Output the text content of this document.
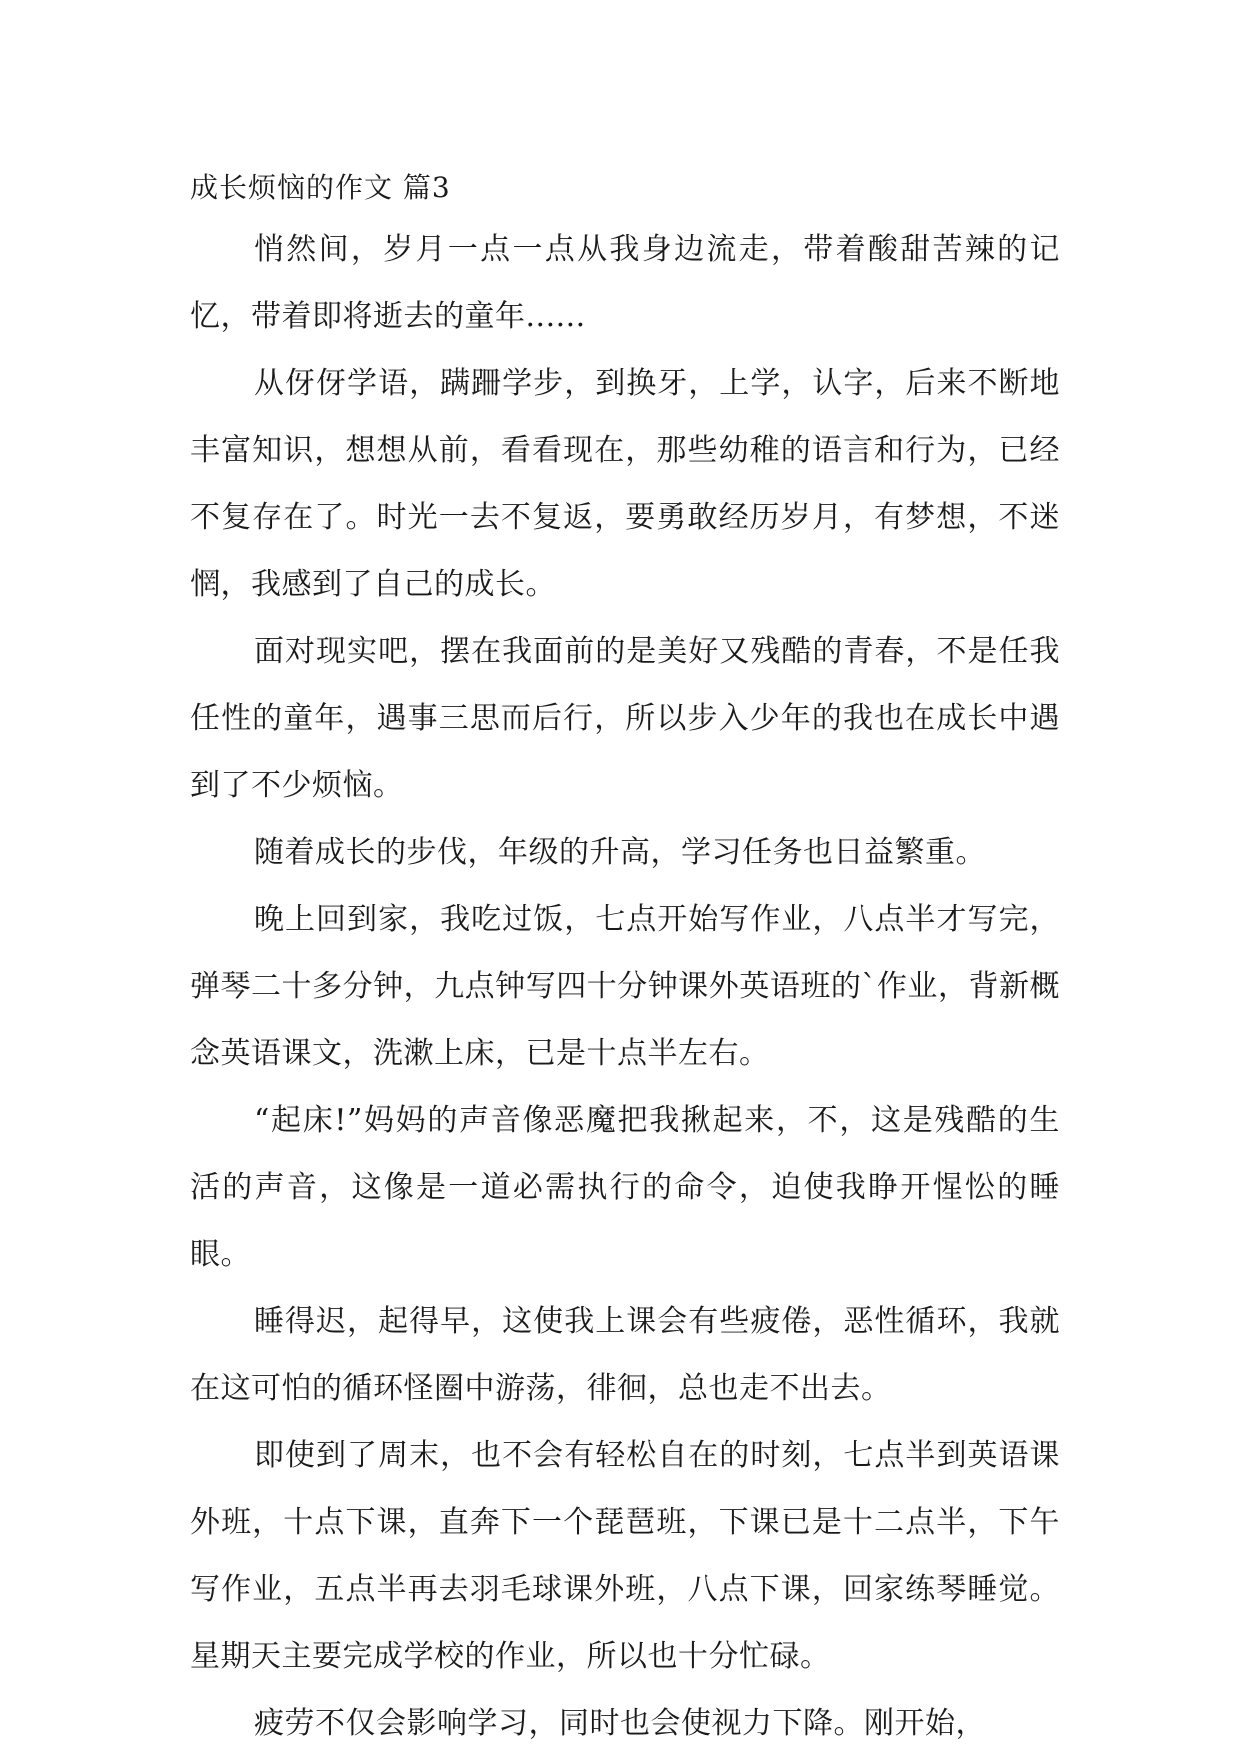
成长烦恼的作文 篇3

悄然间，岁月一点一点从我身边流走，带着酸甜苦辣的记忆，带着即将逝去的童年......

从伢伢学语，蹒跚学步，到换牙，上学，认字，后来不断地丰富知识，想想从前，看看现在，那些幼稚的语言和行为，已经不复存在了。时光一去不复返，要勇敢经历岁月，有梦想，不迷惘，我感到了自己的成长。

面对现实吧，摆在我面前的是美好又残酷的青春，不是任我任性的童年，遇事三思而后行，所以步入少年的我也在成长中遇到了不少烦恼。

随着成长的步伐，年级的升高，学习任务也日益繁重。

晚上回到家，我吃过饭，七点开始写作业，八点半才写完，弹琴二十多分钟，九点钟写四十分钟课外英语班的`作业，背新概念英语课文，洗漱上床，已是十点半左右。

“起床!”妈妈的声音像恶魔把我揪起来，不，这是残酷的生活的声音，这像是一道必需执行的命令，迫使我睁开惺忪的睡眼。

睡得迟，起得早，这使我上课会有些疲倦，恶性循环，我就在这可怕的循环怪圈中游荡，徘徊，总也走不出去。

即使到了周末，也不会有轻松自在的时刻，七点半到英语课外班，十点下课，直奔下一个琵琶班，下课已是十二点半，下午写作业，五点半再去羽毛球课外班，八点下课，回家练琴睡觉。星期天主要完成学校的作业，所以也十分忙碌。

疲劳不仅会影响学习，同时也会使视力下降。刚开始，
